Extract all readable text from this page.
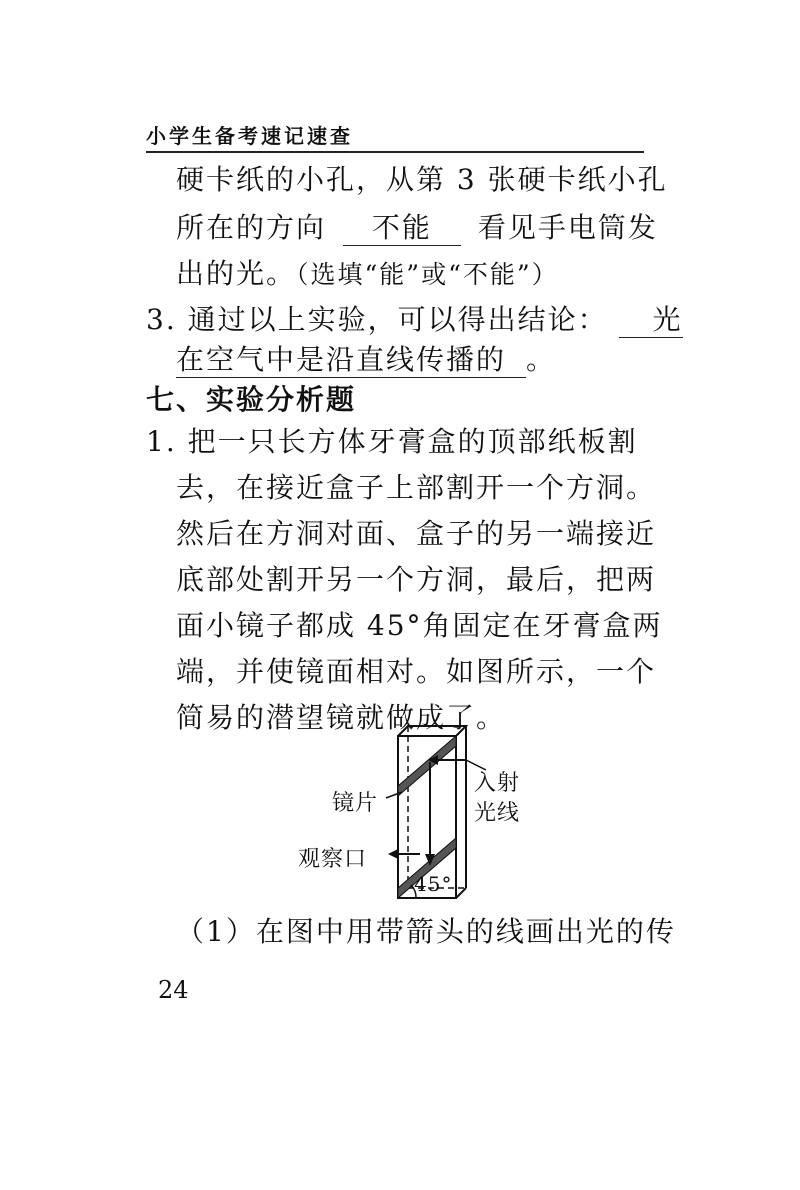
小学生备考速记速查
硬卡纸的小孔，从第 3 张硬卡纸小孔
所在的方向 不能 看见手电筒发
出的光。（选填“能”或“不能”）
3. 通过以上实验，可以得出结论： 光
在空气中是沿直线传播的 。
七、实验分析题
1. 把一只长方体牙膏盒的顶部纸板割
去，在接近盒子上部割开一个方洞。
然后在方洞对面、盒子的另一端接近
底部处割开另一个方洞，最后，把两
面小镜子都成 45°角固定在牙膏盒两
端，并使镜面相对。如图所示，一个
简易的潜望镜就做成了。
镜片
入射
光线
观察口
45°
（1）在图中用带箭头的线画出光的传
24
